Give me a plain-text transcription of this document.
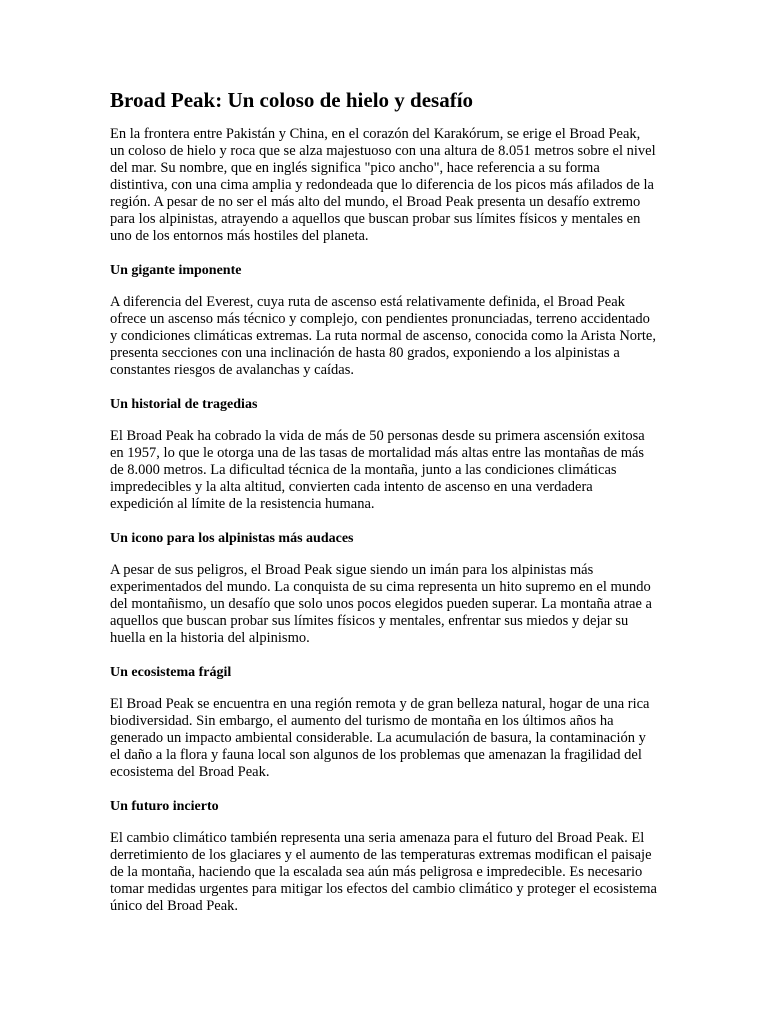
Broad Peak: Un coloso de hielo y desafío

En la frontera entre Pakistán y China, en el corazón del Karakórum, se erige el Broad Peak, un coloso de hielo y roca que se alza majestuoso con una altura de 8.051 metros sobre el nivel del mar. Su nombre, que en inglés significa "pico ancho", hace referencia a su forma distintiva, con una cima amplia y redondeada que lo diferencia de los picos más afilados de la región. A pesar de no ser el más alto del mundo, el Broad Peak presenta un desafío extremo para los alpinistas, atrayendo a aquellos que buscan probar sus límites físicos y mentales en uno de los entornos más hostiles del planeta.

Un gigante imponente

A diferencia del Everest, cuya ruta de ascenso está relativamente definida, el Broad Peak ofrece un ascenso más técnico y complejo, con pendientes pronunciadas, terreno accidentado y condiciones climáticas extremas. La ruta normal de ascenso, conocida como la Arista Norte, presenta secciones con una inclinación de hasta 80 grados, exponiendo a los alpinistas a constantes riesgos de avalanchas y caídas.

Un historial de tragedias

El Broad Peak ha cobrado la vida de más de 50 personas desde su primera ascensión exitosa en 1957, lo que le otorga una de las tasas de mortalidad más altas entre las montañas de más de 8.000 metros. La dificultad técnica de la montaña, junto a las condiciones climáticas impredecibles y la alta altitud, convierten cada intento de ascenso en una verdadera expedición al límite de la resistencia humana.

Un icono para los alpinistas más audaces

A pesar de sus peligros, el Broad Peak sigue siendo un imán para los alpinistas más experimentados del mundo. La conquista de su cima representa un hito supremo en el mundo del montañismo, un desafío que solo unos pocos elegidos pueden superar. La montaña atrae a aquellos que buscan probar sus límites físicos y mentales, enfrentar sus miedos y dejar su huella en la historia del alpinismo.

Un ecosistema frágil

El Broad Peak se encuentra en una región remota y de gran belleza natural, hogar de una rica biodiversidad. Sin embargo, el aumento del turismo de montaña en los últimos años ha generado un impacto ambiental considerable. La acumulación de basura, la contaminación y el daño a la flora y fauna local son algunos de los problemas que amenazan la fragilidad del ecosistema del Broad Peak.

Un futuro incierto

El cambio climático también representa una seria amenaza para el futuro del Broad Peak. El derretimiento de los glaciares y el aumento de las temperaturas extremas modifican el paisaje de la montaña, haciendo que la escalada sea aún más peligrosa e impredecible. Es necesario tomar medidas urgentes para mitigar los efectos del cambio climático y proteger el ecosistema único del Broad Peak.
